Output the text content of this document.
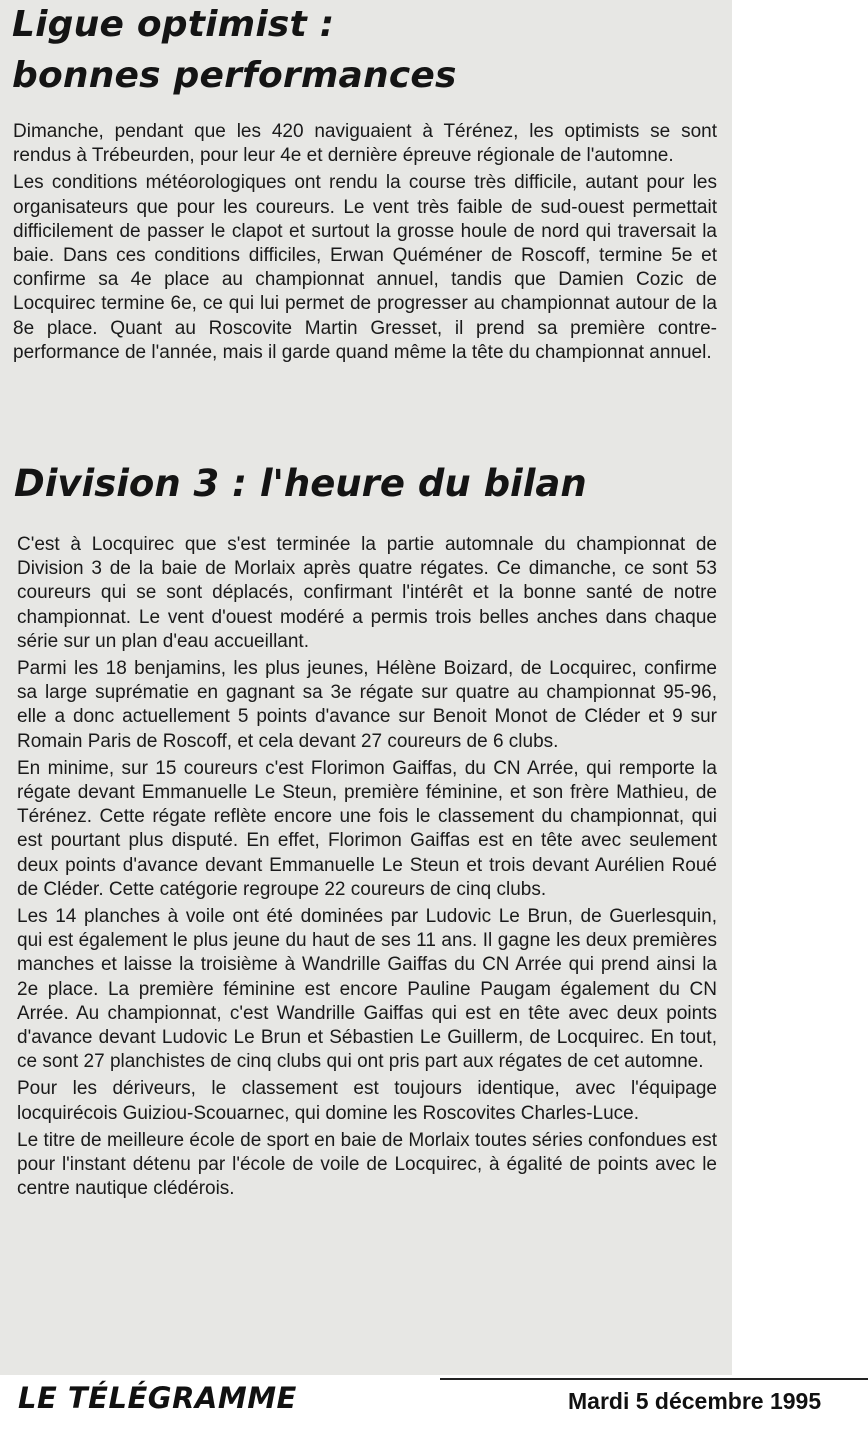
Ligue optimist :
bonnes performances

Dimanche, pendant que les 420 naviguaient à Térénez, les optimists se sont rendus à Trébeurden, pour leur 4e et dernière épreuve régionale de l'automne.

Les conditions météorologiques ont rendu la course très difficile, autant pour les organisateurs que pour les coureurs. Le vent très faible de sud-ouest permettait difficilement de passer le clapot et surtout la grosse houle de nord qui traversait la baie. Dans ces conditions difficiles, Erwan Quéméner de Roscoff, termine 5e et confirme sa 4e place au championnat annuel, tandis que Damien Cozic de Locquirec termine 6e, ce qui lui permet de progresser au championnat autour de la 8e place. Quant au Roscovite Martin Gresset, il prend sa première contre-performance de l'année, mais il garde quand même la tête du championnat annuel.

Division 3 : l'heure du bilan

C'est à Locquirec que s'est terminée la partie automnale du championnat de Division 3 de la baie de Morlaix après quatre régates. Ce dimanche, ce sont 53 coureurs qui se sont déplacés, confirmant l'intérêt et la bonne santé de notre championnat. Le vent d'ouest modéré a permis trois belles anches dans chaque série sur un plan d'eau accueillant.

Parmi les 18 benjamins, les plus jeunes, Hélène Boizard, de Locquirec, confirme sa large suprématie en gagnant sa 3e régate sur quatre au championnat 95-96, elle a donc actuellement 5 points d'avance sur Benoit Monot de Cléder et 9 sur Romain Paris de Roscoff, et cela devant 27 coureurs de 6 clubs.

En minime, sur 15 coureurs c'est Florimon Gaiffas, du CN Arrée, qui remporte la régate devant Emmanuelle Le Steun, première féminine, et son frère Mathieu, de Térénez. Cette régate reflète encore une fois le classement du championnat, qui est pourtant plus disputé. En effet, Florimon Gaiffas est en tête avec seulement deux points d'avance devant Emmanuelle Le Steun et trois devant Aurélien Roué de Cléder. Cette catégorie regroupe 22 coureurs de cinq clubs.

Les 14 planches à voile ont été dominées par Ludovic Le Brun, de Guerlesquin, qui est également le plus jeune du haut de ses 11 ans. Il gagne les deux premières manches et laisse la troisième à Wandrille Gaiffas du CN Arrée qui prend ainsi la 2e place. La première féminine est encore Pauline Paugam également du CN Arrée. Au championnat, c'est Wandrille Gaiffas qui est en tête avec deux points d'avance devant Ludovic Le Brun et Sébastien Le Guillerm, de Locquirec. En tout, ce sont 27 planchistes de cinq clubs qui ont pris part aux régates de cet automne.

Pour les dériveurs, le classement est toujours identique, avec l'équipage locquirécois Guiziou-Scouarnec, qui domine les Roscovites Charles-Luce.

Le titre de meilleure école de sport en baie de Morlaix toutes séries confondues est pour l'instant détenu par l'école de voile de Locquirec, à égalité de points avec le centre nautique clédérois.

LE TÉLÉGRAMME	Mardi 5 décembre 1995
